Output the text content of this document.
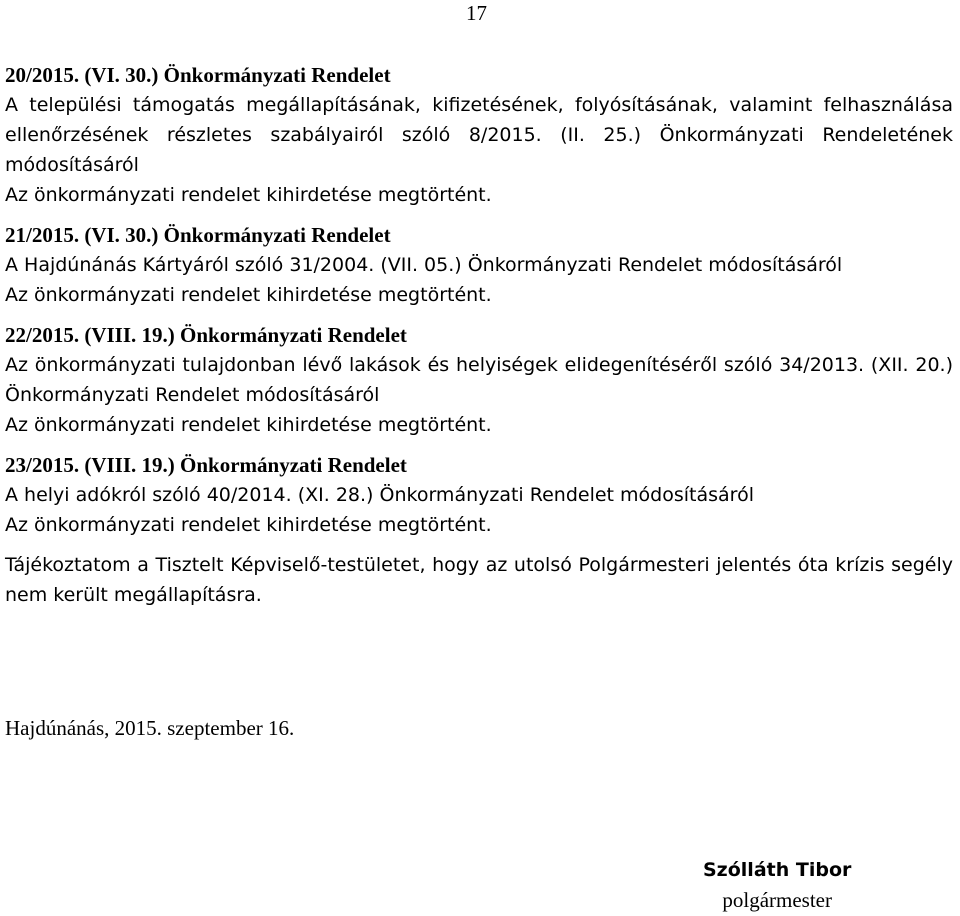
17
20/2015. (VI. 30.) Önkormányzati Rendelet
A települési támogatás megállapításának, kifizetésének, folyósításának, valamint felhasználása ellenőrzésének részletes szabályairól szóló 8/2015. (II. 25.) Önkormányzati Rendeletének módosításáról
Az önkormányzati rendelet kihirdetése megtörtént.
21/2015. (VI. 30.) Önkormányzati Rendelet
A Hajdúnánás Kártyáról szóló 31/2004. (VII. 05.) Önkormányzati Rendelet módosításáról
Az önkormányzati rendelet kihirdetése megtörtént.
22/2015. (VIII. 19.) Önkormányzati Rendelet
Az önkormányzati tulajdonban lévő lakások és helyiségek elidegenítéséről szóló 34/2013. (XII. 20.) Önkormányzati Rendelet módosításáról
Az önkormányzati rendelet kihirdetése megtörtént.
23/2015. (VIII. 19.) Önkormányzati Rendelet
A helyi adókról szóló 40/2014. (XI. 28.) Önkormányzati Rendelet módosításáról
Az önkormányzati rendelet kihirdetése megtörtént.
Tájékoztatom a Tisztelt Képviselő-testületet, hogy az utolsó Polgármesteri jelentés óta krízis segély nem került megállapításra.
Hajdúnánás, 2015. szeptember 16.
Szólláth Tibor
polgármester
